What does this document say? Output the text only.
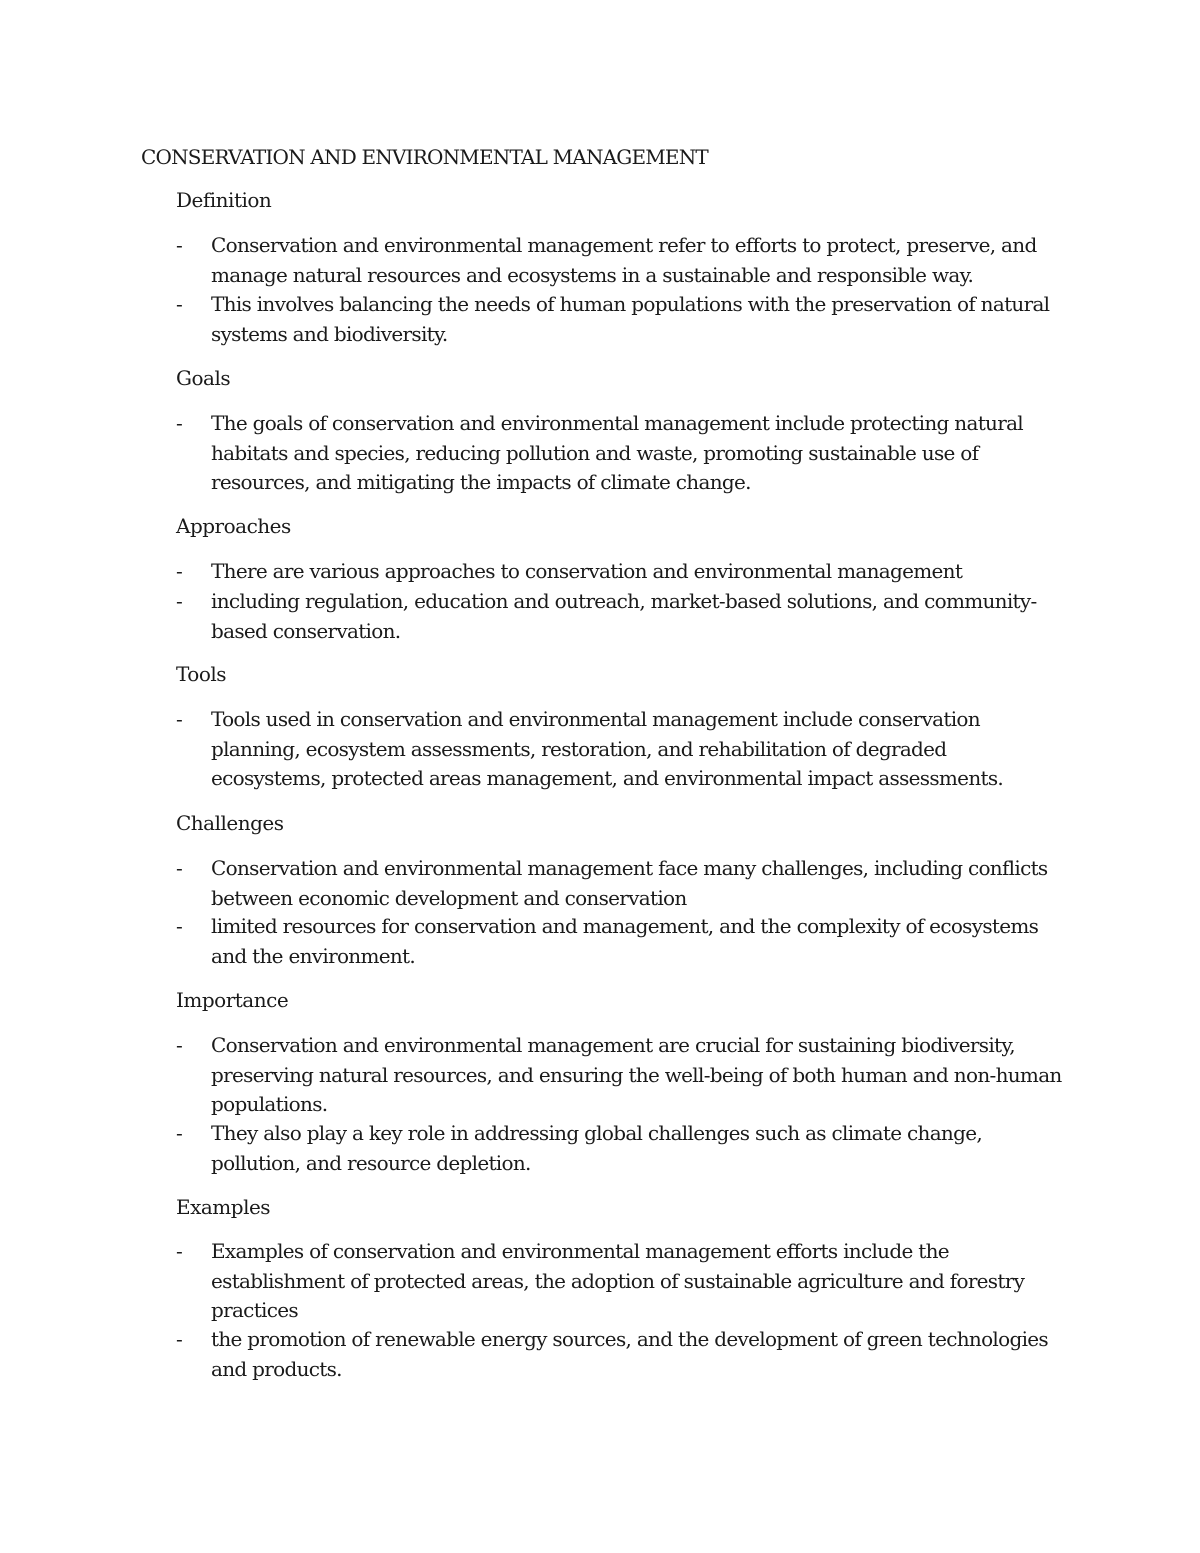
CONSERVATION AND ENVIRONMENTAL MANAGEMENT
Definition
-	Conservation and environmental management refer to efforts to protect, preserve, and manage natural resources and ecosystems in a sustainable and responsible way.
-	This involves balancing the needs of human populations with the preservation of natural systems and biodiversity.
Goals
-	The goals of conservation and environmental management include protecting natural habitats and species, reducing pollution and waste, promoting sustainable use of resources, and mitigating the impacts of climate change.
Approaches
-	There are various approaches to conservation and environmental management
-	including regulation, education and outreach, market-based solutions, and community-based conservation.
Tools
-	Tools used in conservation and environmental management include conservation planning, ecosystem assessments, restoration, and rehabilitation of degraded ecosystems, protected areas management, and environmental impact assessments.
Challenges
-	Conservation and environmental management face many challenges, including conflicts between economic development and conservation
-	limited resources for conservation and management, and the complexity of ecosystems and the environment.
Importance
-	Conservation and environmental management are crucial for sustaining biodiversity, preserving natural resources, and ensuring the well-being of both human and non-human populations.
-	They also play a key role in addressing global challenges such as climate change, pollution, and resource depletion.
Examples
-	Examples of conservation and environmental management efforts include the establishment of protected areas, the adoption of sustainable agriculture and forestry practices
-	the promotion of renewable energy sources, and the development of green technologies and products.
